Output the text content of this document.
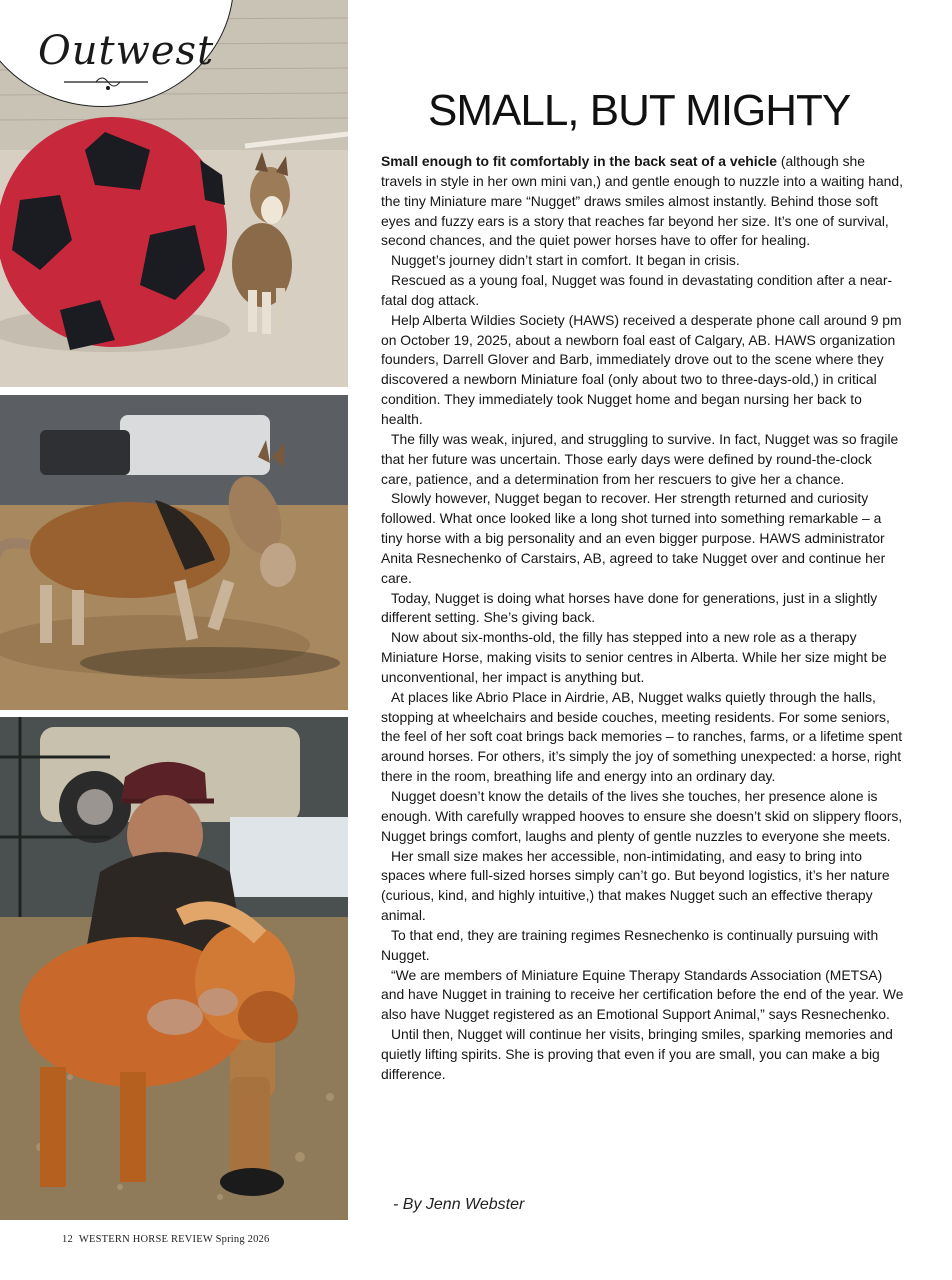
Outwest
SMALL, BUT MIGHTY

Small enough to fit comfortably in the back seat of a vehicle (although she travels in style in her own mini van,) and gentle enough to nuzzle into a waiting hand, the tiny Miniature mare “Nugget” draws smiles almost instantly. Behind those soft eyes and fuzzy ears is a story that reaches far beyond her size. It’s one of survival, second chances, and the quiet power horses have to offer for healing.

Nugget’s journey didn’t start in comfort. It began in crisis.

Rescued as a young foal, Nugget was found in devastating condition after a near-fatal dog attack.

Help Alberta Wildies Society (HAWS) received a desperate phone call around 9 pm on October 19, 2025, about a newborn foal east of Calgary, AB. HAWS organization founders, Darrell Glover and Barb, immediately drove out to the scene where they discovered a newborn Miniature foal (only about two to three-days-old,) in critical condition. They immediately took Nugget home and began nursing her back to health.

The filly was weak, injured, and struggling to survive. In fact, Nugget was so fragile that her future was uncertain. Those early days were defined by round-the-clock care, patience, and a determination from her rescuers to give her a chance.

Slowly however, Nugget began to recover. Her strength returned and curiosity followed. What once looked like a long shot turned into something remarkable – a tiny horse with a big personality and an even bigger purpose. HAWS administrator Anita Resnechenko of Carstairs, AB, agreed to take Nugget over and continue her care.

Today, Nugget is doing what horses have done for generations, just in a slightly different setting. She’s giving back.

Now about six-months-old, the filly has stepped into a new role as a therapy Miniature Horse, making visits to senior centres in Alberta. While her size might be unconventional, her impact is anything but.

At places like Abrio Place in Airdrie, AB, Nugget walks quietly through the halls, stopping at wheelchairs and beside couches, meeting residents. For some seniors, the feel of her soft coat brings back memories – to ranches, farms, or a lifetime spent around horses. For others, it’s simply the joy of something unexpected: a horse, right there in the room, breathing life and energy into an ordinary day.

Nugget doesn’t know the details of the lives she touches, her presence alone is enough. With carefully wrapped hooves to ensure she doesn’t skid on slippery floors, Nugget brings comfort, laughs and plenty of gentle nuzzles to everyone she meets.

Her small size makes her accessible, non-intimidating, and easy to bring into spaces where full-sized horses simply can’t go. But beyond logistics, it’s her nature (curious, kind, and highly intuitive,) that makes Nugget such an effective therapy animal.

To that end, they are training regimes Resnechenko is continually pursuing with Nugget.

“We are members of Miniature Equine Therapy Standards Association (METSA) and have Nugget in training to receive her certification before the end of the year. We also have Nugget registered as an Emotional Support Animal,” says Resnechenko.

Until then, Nugget will continue her visits, bringing smiles, sparking memories and quietly lifting spirits. She is proving that even if you are small, you can make a big difference.

- By Jenn Webster
12 WESTERN HORSE REVIEW Spring 2026
